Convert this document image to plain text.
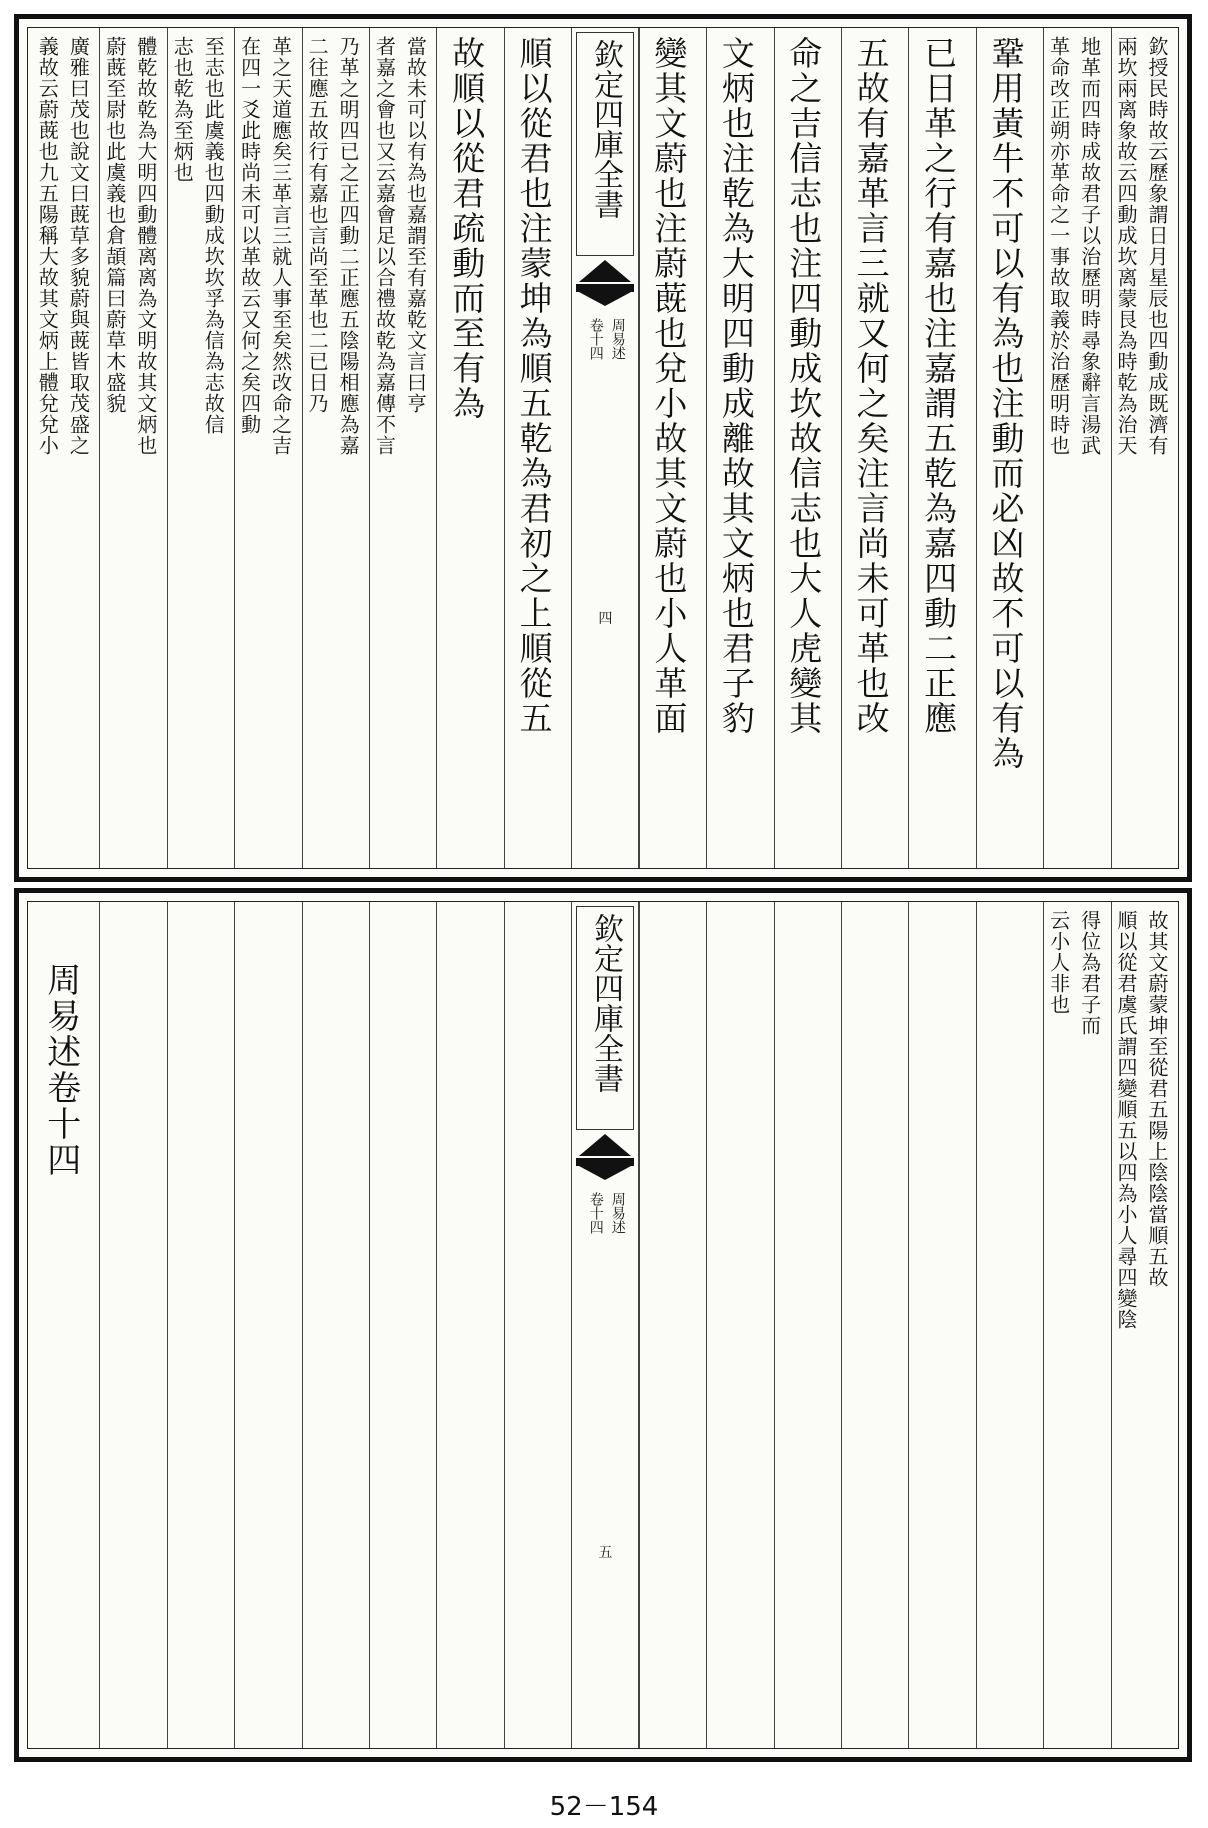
欽授民時故云歷象謂日月星辰也四動成既濟有
兩坎兩离象故云四動成坎离蒙艮為時乾為治天
地革而四時成故君子以治歷明時尋象辭言湯武
革命改正朔亦革命之一事故取義於治歷明時也
鞏用黃牛不可以有為也注動而必凶故不可以有為
已日革之行有嘉也注嘉謂五乾為嘉四動二正應
五故有嘉革言三就又何之矣注言尚未可革也改
命之吉信志也注四動成坎故信志也大人虎變其
文炳也注乾為大明四動成離故其文炳也君子豹
變其文蔚也注蔚蔇也兌小故其文蔚也小人革面
欽定四庫全書
周易述
卷十四
四
順以從君也注蒙坤為順五乾為君初之上順從五
故順以從君疏動而至有為
當故未可以有為也嘉謂至有嘉乾文言曰亨
者嘉之會也又云嘉會足以合禮故乾為嘉傳不言
乃革之明四已之正四動二正應五陰陽相應為嘉
二往應五故行有嘉也言尚至革也二已日乃
革之天道應矣三革言三就人事至矣然改命之吉
在四一爻此時尚未可以革故云又何之矣四動
至志也此虞義也四動成坎坎孚為信為志故信
志也乾為至炳也
體乾故乾為大明四動體离离為文明故其文炳也
蔚蔇至尉也此虞義也倉頡篇曰蔚草木盛貌
廣雅曰茂也說文曰蔇草多貌蔚與蔇皆取茂盛之
義故云蔚蔇也九五陽稱大故其文炳上體兌兌小
故其文蔚蒙坤至從君五陽上陰陰當順五故
順以從君虞氏謂四變順五以四為小人尋四變陰
得位為君子而
云小人非也
欽定四庫全書
周易述
卷十四
五
周易述卷十四
52－154
